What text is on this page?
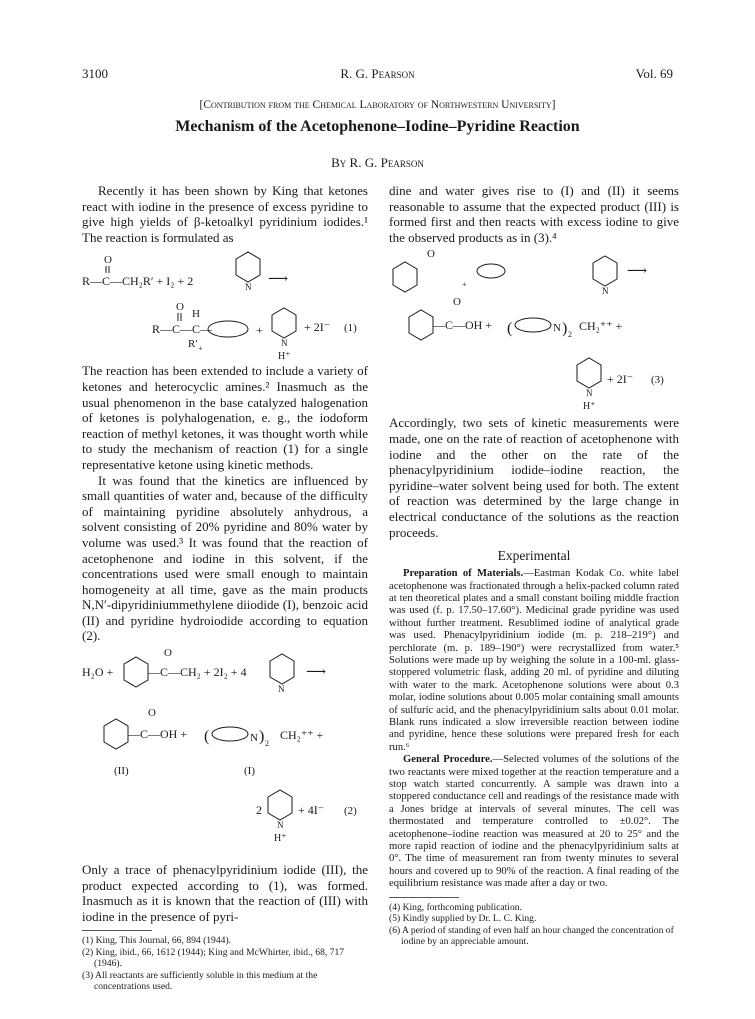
3100	R. G. Pearson	Vol. 69
[Contribution from the Chemical Laboratory of Northwestern University]
Mechanism of the Acetophenone–Iodine–Pyridine Reaction
By R. G. Pearson

Recently it has been shown by King that ketones react with iodine in the presence of excess pyridine to give high yields of β-ketoalkyl pyridinium iodides.¹ The reaction is formulated as

O
R—C—CH₂R′ + I₂ + 2	N ⟶
O
H
R—C—C—
R′ +
+
N
H⁺
+ 2I⁻ (1)

The reaction has been extended to include a variety of ketones and heterocyclic amines.² Inasmuch as the usual phenomenon in the base catalyzed halogenation of ketones is polyhalogenation, e. g., the iodoform reaction of methyl ketones, it was thought worth while to study the mechanism of reaction (1) for a single representative ketone using kinetic methods.

It was found that the kinetics are influenced by small quantities of water and, because of the difficulty of maintaining pyridine absolutely anhydrous, a solvent consisting of 20% pyridine and 80% water by volume was used.³ It was found that the reaction of acetophenone and iodine in this solvent, if the concentrations used were small enough to maintain homogeneity at all time, gave as the main products N,N′-dipyridiniummethylene diiodide (I), benzoic acid (II) and pyridine hydroiodide according to equation (2).

H₂O +
O
—C—CH₂ + 2I₂ + 4
N
⟶
O
—C—OH + (	N ) 2
CH₂⁺⁺ +
(II)	(I)
2
N
H⁺
+ 4I⁻ (2)

Only a trace of phenacylpyridinium iodide (III), the product expected according to (1), was formed. Inasmuch as it is known that the reaction of (III) with iodine in the presence of pyri-

(1) King, This Journal, 66, 894 (1944).

(2) King, ibid., 66, 1612 (1944); King and McWhirter, ibid., 68, 717 (1946).

(3) All reactants are sufficiently soluble in this medium at the concentrations used.

dine and water gives rise to (I) and (II) it seems reasonable to assume that the expected product (III) is formed first and then reacts with excess iodine to give the observed products as in (3).⁴

O
+
N
⟶
O
—C—OH + (	N ) 2
CH₂⁺⁺ +
N
H⁺
+ 2I⁻ (3)

Accordingly, two sets of kinetic measurements were made, one on the rate of reaction of acetophenone with iodine and the other on the rate of the phenacylpyridinium iodide–iodine reaction, the pyridine–water solvent being used for both. The extent of reaction was determined by the large change in electrical conductance of the solutions as the reaction proceeds.

Experimental

Preparation of Materials.—Eastman Kodak Co. white label acetophenone was fractionated through a helix-packed column rated at ten theoretical plates and a small constant boiling middle fraction was used (f. p. 17.50–17.60°). Medicinal grade pyridine was used without further treatment. Resublimed iodine of analytical grade was used. Phenacylpyridinium iodide (m. p. 218–219°) and perchlorate (m. p. 189–190°) were recrystallized from water.⁵ Solutions were made up by weighing the solute in a 100-ml. glass-stoppered volumetric flask, adding 20 ml. of pyridine and diluting with water to the mark. Acetophenone solutions were about 0.3 molar, iodine solutions about 0.005 molar containing small amounts of sulfuric acid, and the phenacylpyridinium salts about 0.01 molar. Blank runs indicated a slow irreversible reaction between iodine and pyridine, hence these solutions were prepared fresh for each run.⁶

General Procedure.—Selected volumes of the solutions of the two reactants were mixed together at the reaction temperature and a stop watch started concurrently. A sample was drawn into a stoppered conductance cell and readings of the resistance made with a Jones bridge at intervals of several minutes. The cell was thermostated and temperature controlled to ±0.02°. The acetophenone–iodine reaction was measured at 20 to 25° and the more rapid reaction of iodine and the phenacylpyridinium salts at 0°. The time of measurement ran from twenty minutes to several hours and covered up to 90% of the reaction. A final reading of the equilibrium resistance was made after a day or two.

(4) King, forthcoming publication.

(5) Kindly supplied by Dr. L. C. King.

(6) A period of standing of even half an hour changed the concentration of iodine by an appreciable amount.
